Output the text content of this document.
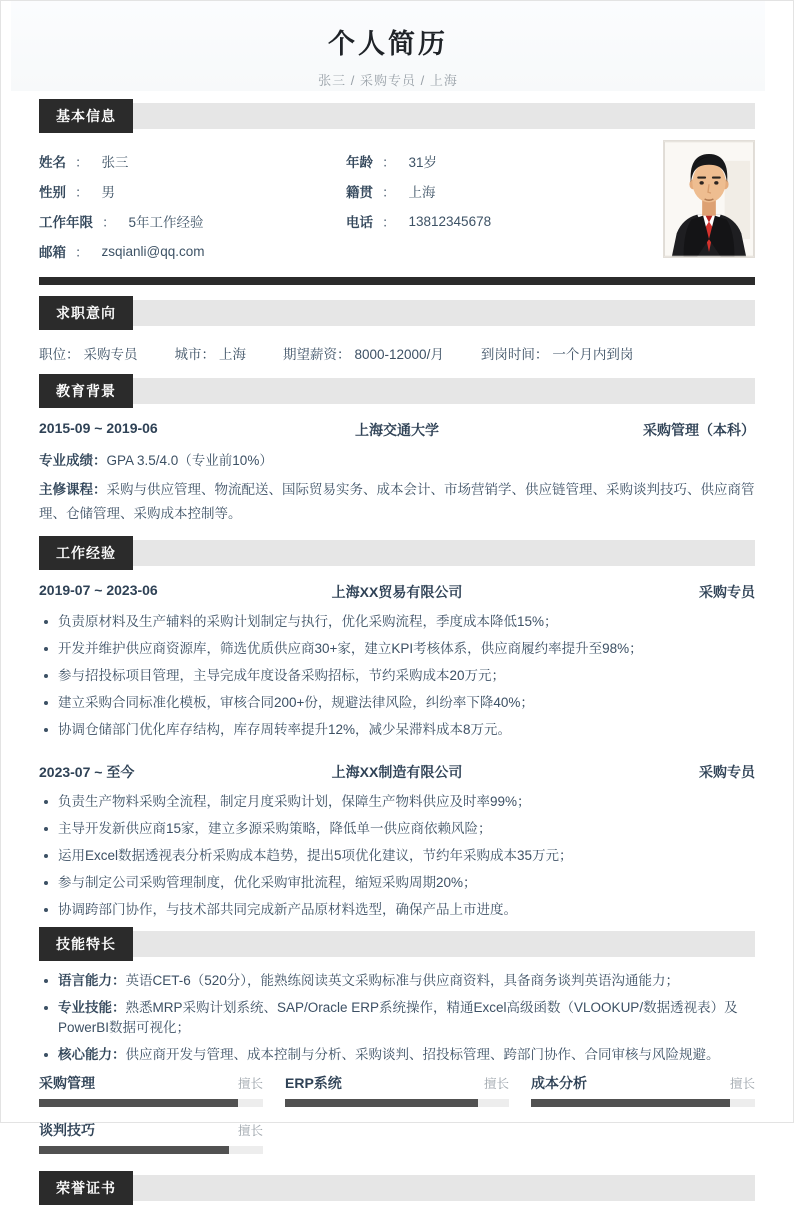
个人简历
张三 / 采购专员 / 上海
基本信息
姓名 ： 张三
性别 ： 男
工作年限 ： 5年工作经验
邮箱 ： zsqianli@qq.com
年龄 ： 31岁
籍贯 ： 上海
电话 ： 13812345678
求职意向
职位： 采购专员	城市： 上海	期望薪资： 8000-12000/月	到岗时间： 一个月内到岗
教育背景
2015-09 ~ 2019-06	上海交通大学	采购管理（本科）
专业成绩：GPA 3.5/4.0（专业前10%）
主修课程：采购与供应管理、物流配送、国际贸易实务、成本会计、市场营销学、供应链管理、采购谈判技巧、供应商管理、仓储管理、采购成本控制等。
工作经验
2019-07 ~ 2023-06	上海XX贸易有限公司	采购专员
负责原材料及生产辅料的采购计划制定与执行，优化采购流程，季度成本降低15%；
开发并维护供应商资源库，筛选优质供应商30+家，建立KPI考核体系，供应商履约率提升至98%；
参与招投标项目管理，主导完成年度设备采购招标，节约采购成本20万元；
建立采购合同标准化模板，审核合同200+份，规避法律风险，纠纷率下降40%；
协调仓储部门优化库存结构，库存周转率提升12%，减少呆滞料成本8万元。
2023-07 ~ 至今	上海XX制造有限公司	采购专员
负责生产物料采购全流程，制定月度采购计划，保障生产物料供应及时率99%；
主导开发新供应商15家，建立多源采购策略，降低单一供应商依赖风险；
运用Excel数据透视表分析采购成本趋势，提出5项优化建议，节约年采购成本35万元；
参与制定公司采购管理制度，优化采购审批流程，缩短采购周期20%；
协调跨部门协作，与技术部共同完成新产品原材料选型，确保产品上市进度。
技能特长
语言能力：英语CET-6（520分），能熟练阅读英文采购标准与供应商资料，具备商务谈判英语沟通能力；
专业技能：熟悉MRP采购计划系统、SAP/Oracle ERP系统操作，精通Excel高级函数（VLOOKUP/数据透视表）及PowerBI数据可视化；
核心能力：供应商开发与管理、成本控制与分析、采购谈判、招投标管理、跨部门协作、合同审核与风险规避。
采购管理	擅长 ERP系统	擅长 成本分析	擅长
谈判技巧	擅长
荣誉证书
